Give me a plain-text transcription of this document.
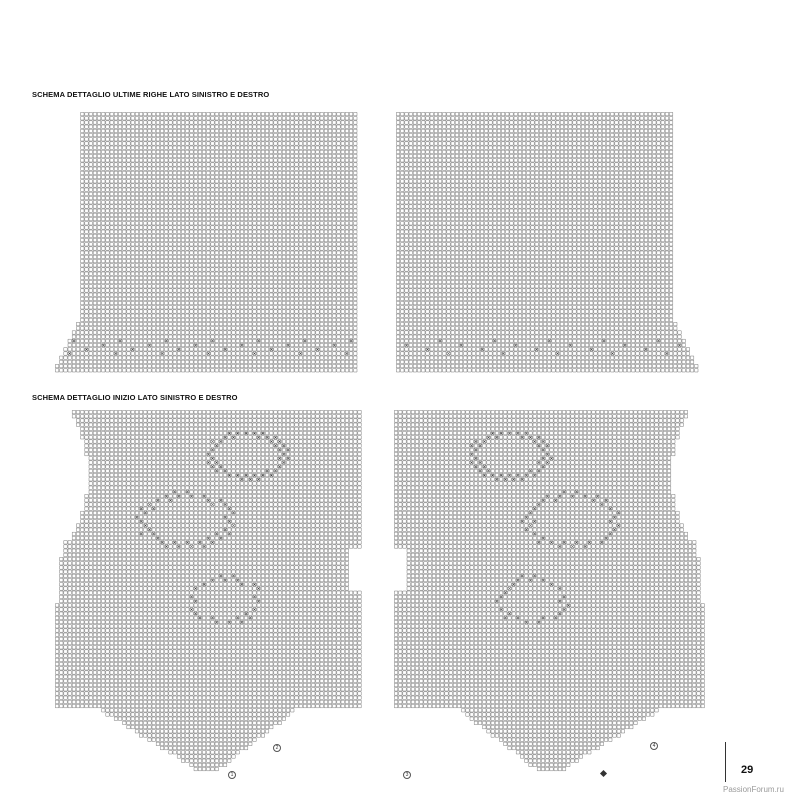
SCHEMA DETTAGLIO ULTIME RIGHE LATO SINISTRO E DESTRO
SCHEMA DETTAGLIO INIZIO LATO SINISTRO E DESTRO
1
2
3
4
29
PassionForum.ru
